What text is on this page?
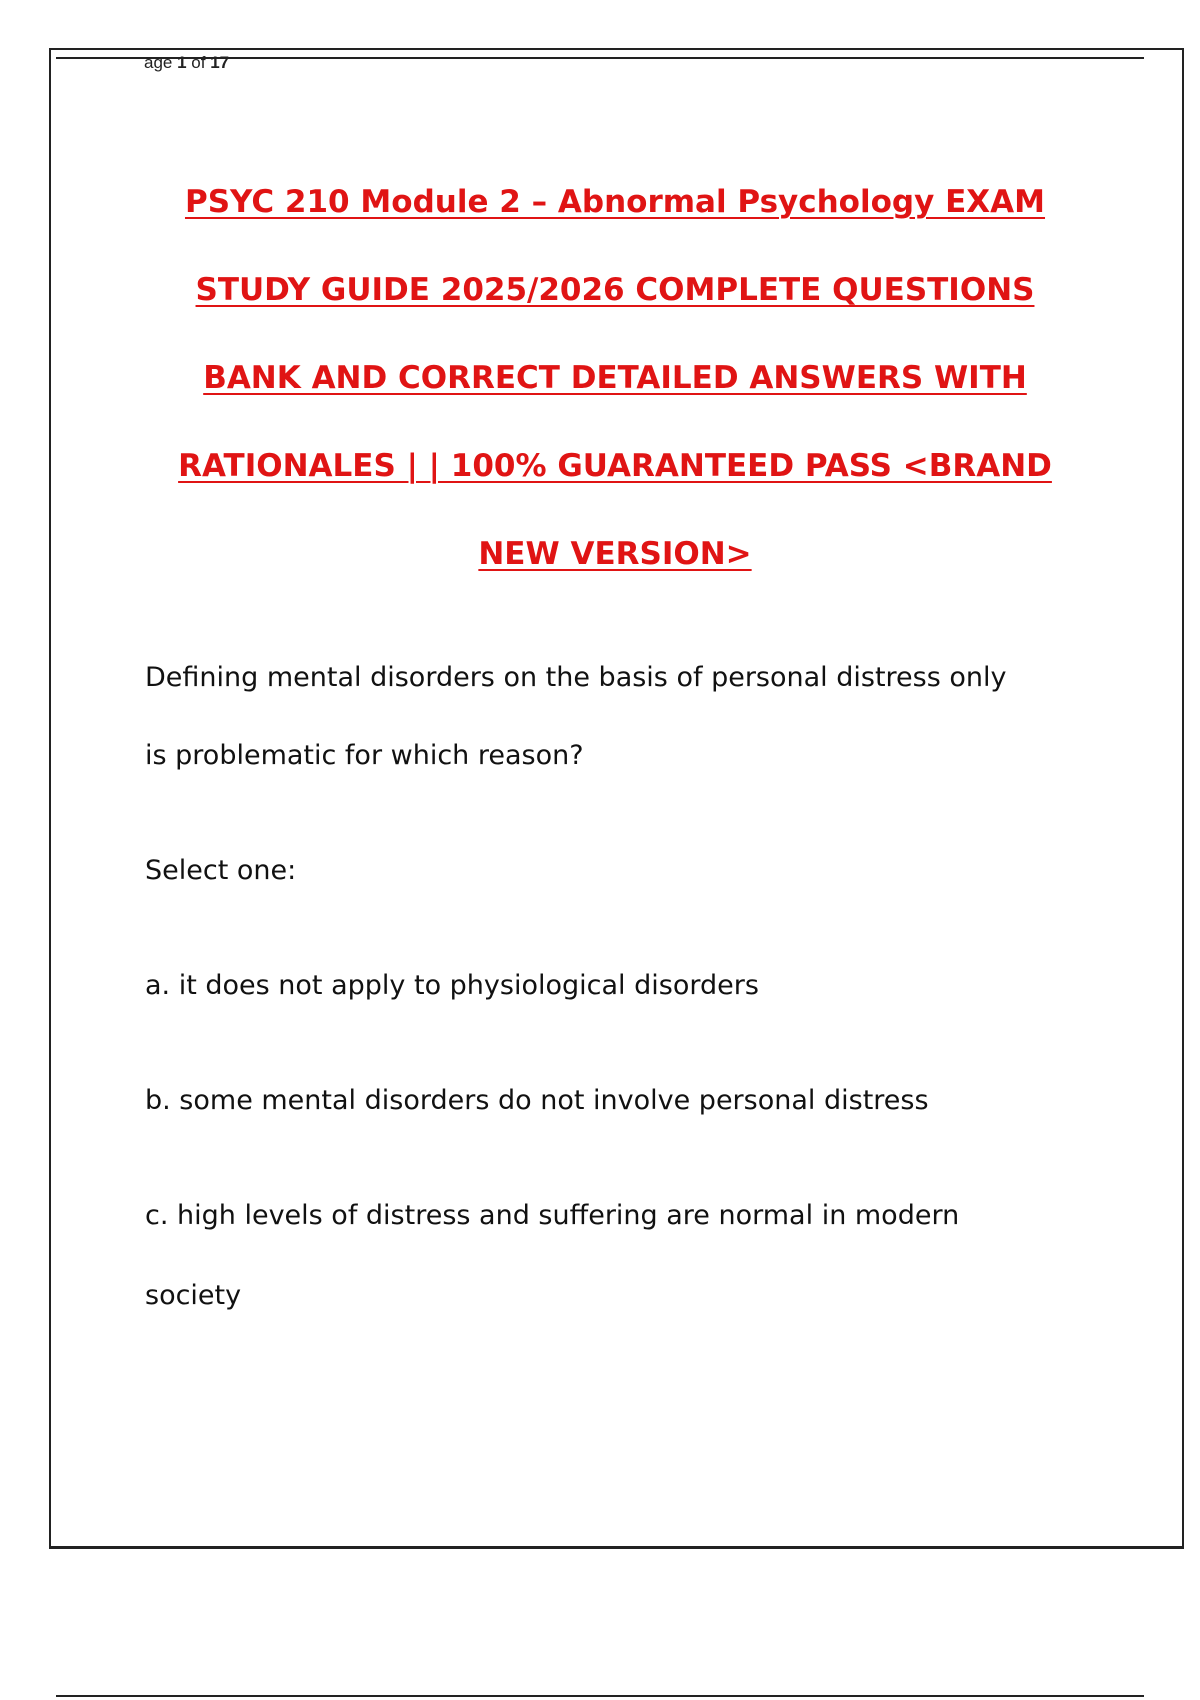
age 1 of 17
PSYC 210 Module 2 – Abnormal Psychology EXAM
STUDY GUIDE 2025/2026 COMPLETE QUESTIONS
BANK AND CORRECT DETAILED ANSWERS WITH
RATIONALES | | 100% GUARANTEED PASS <BRAND
NEW VERSION>
Defining mental disorders on the basis of personal distress only
is problematic for which reason?
Select one:
a. it does not apply to physiological disorders
b. some mental disorders do not involve personal distress
c. high levels of distress and suffering are normal in modern
society
